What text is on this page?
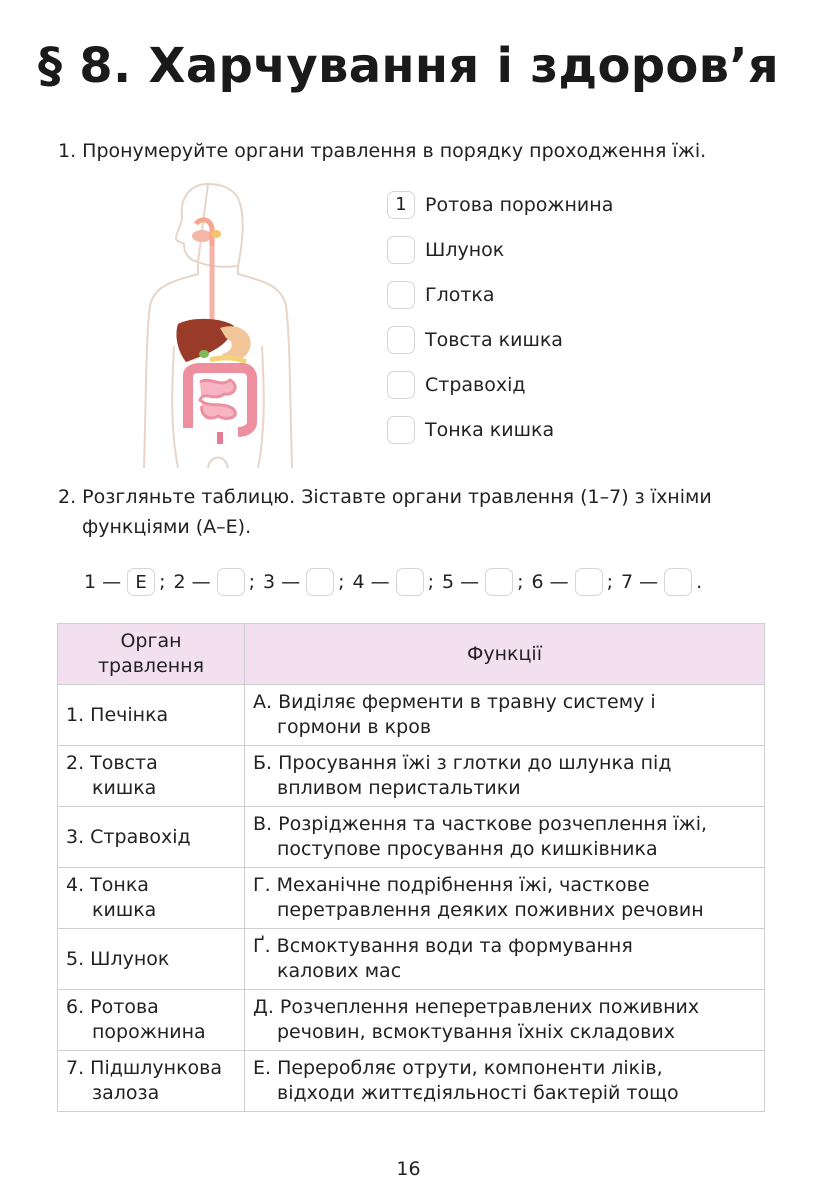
§ 8. Харчування і здоров’я
1. Пронумеруйте органи травлення в порядку проходження їжі.
1 Ротова порожнина
Шлунок
Глотка
Товста кишка
Стравохід
Тонка кишка
2. Розгляньте таблицю. Зіставте органи травлення (1–7) з їхніми
функціями (А–Е).
1 — Е ; 2 — ; 3 — ; 4 — ; 5 — ; 6 — ; 7 — .
Орган
травлення	Функції

1. Печінка	А. Виділяє ферменти в травну систему і
гормони в кров

2. Товста
кишка	Б. Просування їжі з глотки до шлунка під
впливом перистальтики

3. Стравохід	В. Розрідження та часткове розчеплення їжі,
поступове просування до кишківника

4. Тонка
кишка	Г. Механічне подрібнення їжі, часткове
перетравлення деяких поживних речовин

5. Шлунок	Ґ. Всмоктування води та формування
калових мас

6. Ротова
порожнина	Д. Розчеплення неперетравлених поживних
речовин, всмоктування їхніх складових

7. Підшлункова
залоза	Е. Переробляє отрути, компоненти ліків,
відходи життєдіяльності бактерій тощо
16
